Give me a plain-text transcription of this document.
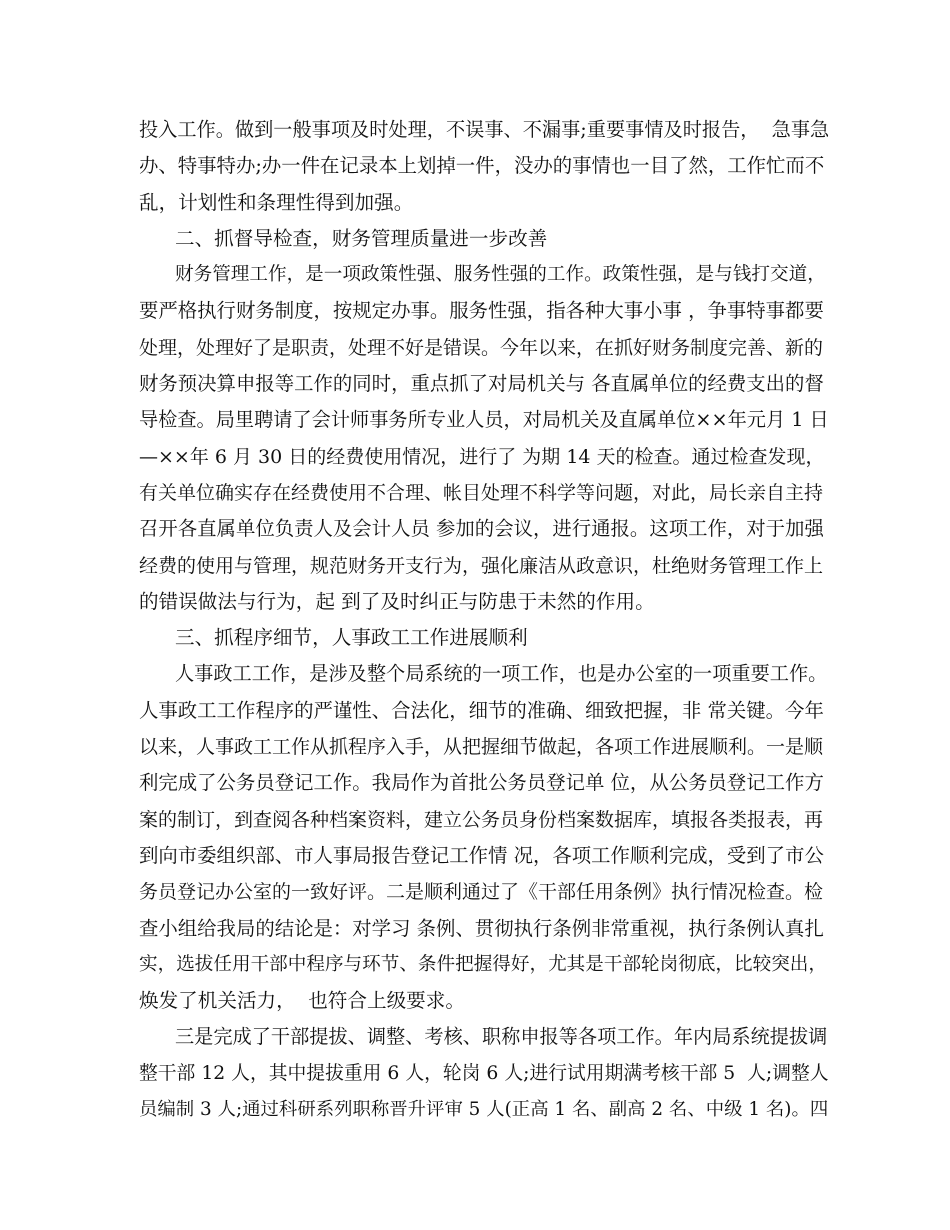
投入工作。做到一般事项及时处理，不误事、不漏事;重要事情及时报告，  急事急
办、特事特办;办一件在记录本上划掉一件，没办的事情也一目了然，工作忙而不
乱，计划性和条理性得到加强。
二、抓督导检查，财务管理质量进一步改善
财务管理工作，是一项政策性强、服务性强的工作。政策性强，是与钱打交道，
要严格执行财务制度，按规定办事。服务性强，指各种大事小事 ，争事特事都要
处理，处理好了是职责，处理不好是错误。今年以来，在抓好财务制度完善、新的
财务预决算申报等工作的同时，重点抓了对局机关与 各直属单位的经费支出的督
导检查。局里聘请了会计师事务所专业人员，对局机关及直属单位××年元月 1 日
—××年 6 月 30 日的经费使用情况，进行了 为期 14 天的检查。通过检查发现，
有关单位确实存在经费使用不合理、帐目处理不科学等问题，对此，局长亲自主持
召开各直属单位负责人及会计人员 参加的会议，进行通报。这项工作，对于加强
经费的使用与管理，规范财务开支行为，强化廉洁从政意识，杜绝财务管理工作上
的错误做法与行为，起 到了及时纠正与防患于未然的作用。
三、抓程序细节，人事政工工作进展顺利
人事政工工作，是涉及整个局系统的一项工作，也是办公室的一项重要工作。
人事政工工作程序的严谨性、合法化，细节的准确、细致把握，非 常关键。今年
以来，人事政工工作从抓程序入手，从把握细节做起，各项工作进展顺利。一是顺
利完成了公务员登记工作。我局作为首批公务员登记单 位，从公务员登记工作方
案的制订，到查阅各种档案资料，建立公务员身份档案数据库，填报各类报表，再
到向市委组织部、市人事局报告登记工作情 况，各项工作顺利完成，受到了市公
务员登记办公室的一致好评。二是顺利通过了《干部任用条例》执行情况检查。检
查小组给我局的结论是：对学习 条例、贯彻执行条例非常重视，执行条例认真扎
实，选拔任用干部中程序与环节、条件把握得好，尤其是干部轮岗彻底，比较突出，
焕发了机关活力，  也符合上级要求。
三是完成了干部提拔、调整、考核、职称申报等各项工作。年内局系统提拔调
整干部 12 人，其中提拔重用 6 人，轮岗 6 人;进行试用期满考核干部 5  人;调整人
员编制 3 人;通过科研系列职称晋升评审 5 人(正高 1 名、副高 2 名、中级 1 名)。四
